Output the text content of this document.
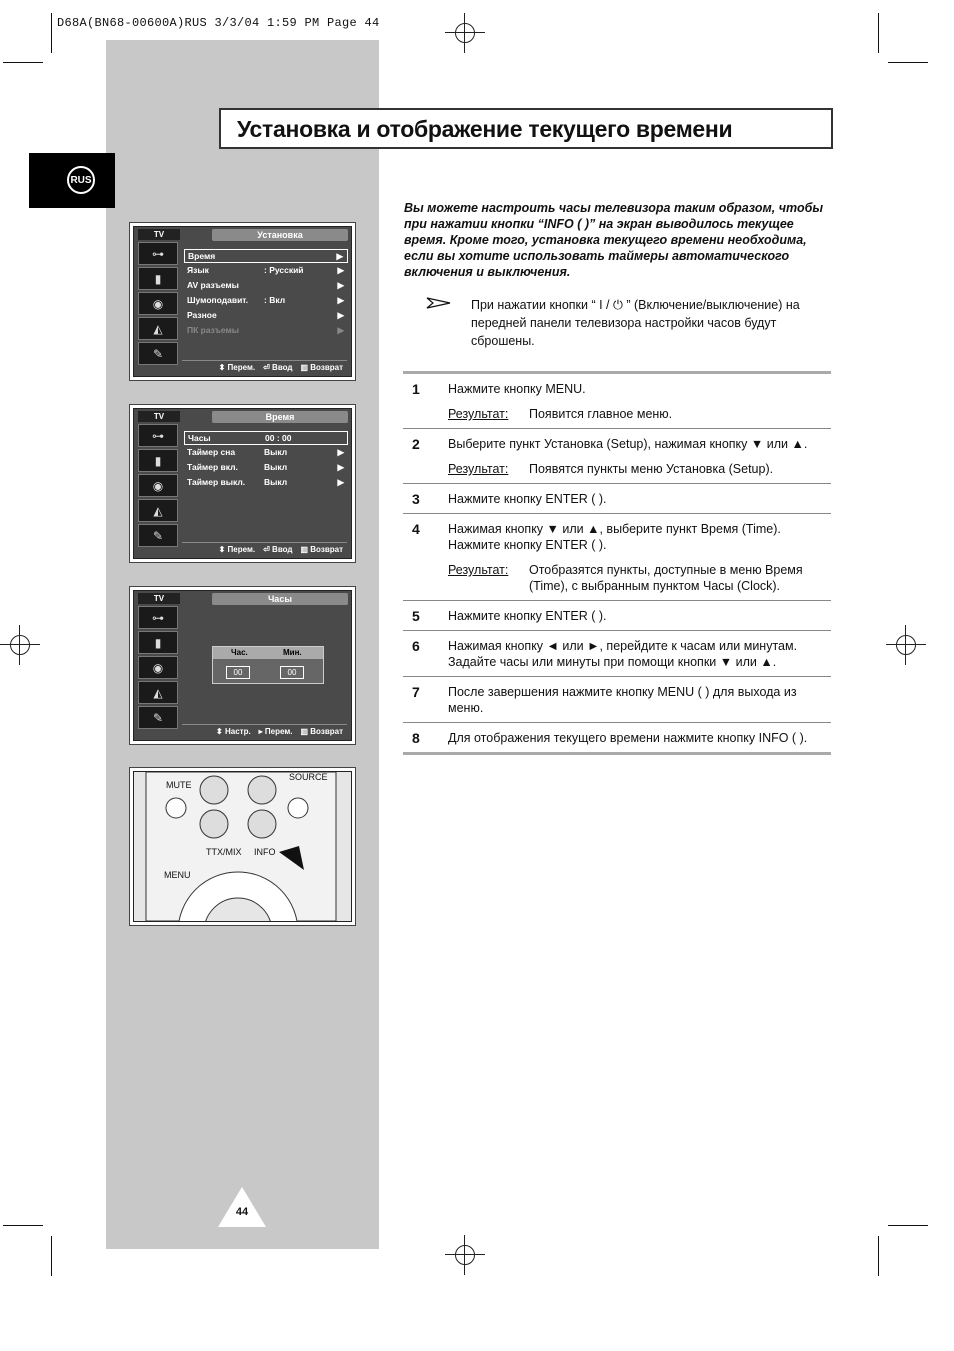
D68A(BN68-00600A)RUS 3/3/04 1:59 PM Page 44
RUS
Установка и отображение текущего времени
Вы можете настроить часы телевизора таким образом, чтобы при нажатии кнопки “INFO ( )” на экран выводилось текущее время. Кроме того, установка текущего времени необходима, если вы хотите использовать таймеры автоматического включения и выключения.
При нажатии кнопки “ I / ⏻ ” (Включение/выключение) на передней панели телевизора настройки часов будут сброшены.
1 Нажмите кнопку MENU.
Результат:	Появится главное меню.
2 Выберите пункт Установка (Setup), нажимая кнопку ▼ или ▲.
Результат:	Появятся пункты меню Установка (Setup).
3 Нажмите кнопку ENTER ( ).
4 Нажимая кнопку ▼ или ▲, выберите пункт Время (Time). Нажмите кнопку ENTER ( ).
Результат:	Отобразятся пункты, доступные в меню Время (Time), с выбранным пунктом Часы (Clock).
5 Нажмите кнопку ENTER ( ).
6 Нажимая кнопку ◄ или ►, перейдите к часам или минутам. Задайте часы или минуты при помощи кнопки ▼ или ▲.
7 После завершения нажмите кнопку MENU ( ) для выхода из меню.
8 Для отображения текущего времени нажмите кнопку INFO ( ).
TV	Установка
⊶
▮
◉
◭
✎
Время	▶
Язык	: Русский	▶
AV разъемы	▶
Шумоподавит. : Вкл	▶
Разное	▶
ПК разъемы	▶
⬍ Перем. ⏎ Ввод ▥ Возврат
TV	Время
⊶
▮
◉
◭
✎
Часы	00 : 00
Таймер сна	Выкл	▶
Таймер вкл.	Выкл	▶
Таймер выкл. Выкл	▶
⬍ Перем. ⏎ Ввод ▥ Возврат
TV	Часы
⊶
▮
◉
◭
✎
Час.	Мин.
00	00
⬍ Настр. ▸ Перем. ▥ Возврат
MUTE
SOURCE
TTX/MIX INFO
MENU
44
